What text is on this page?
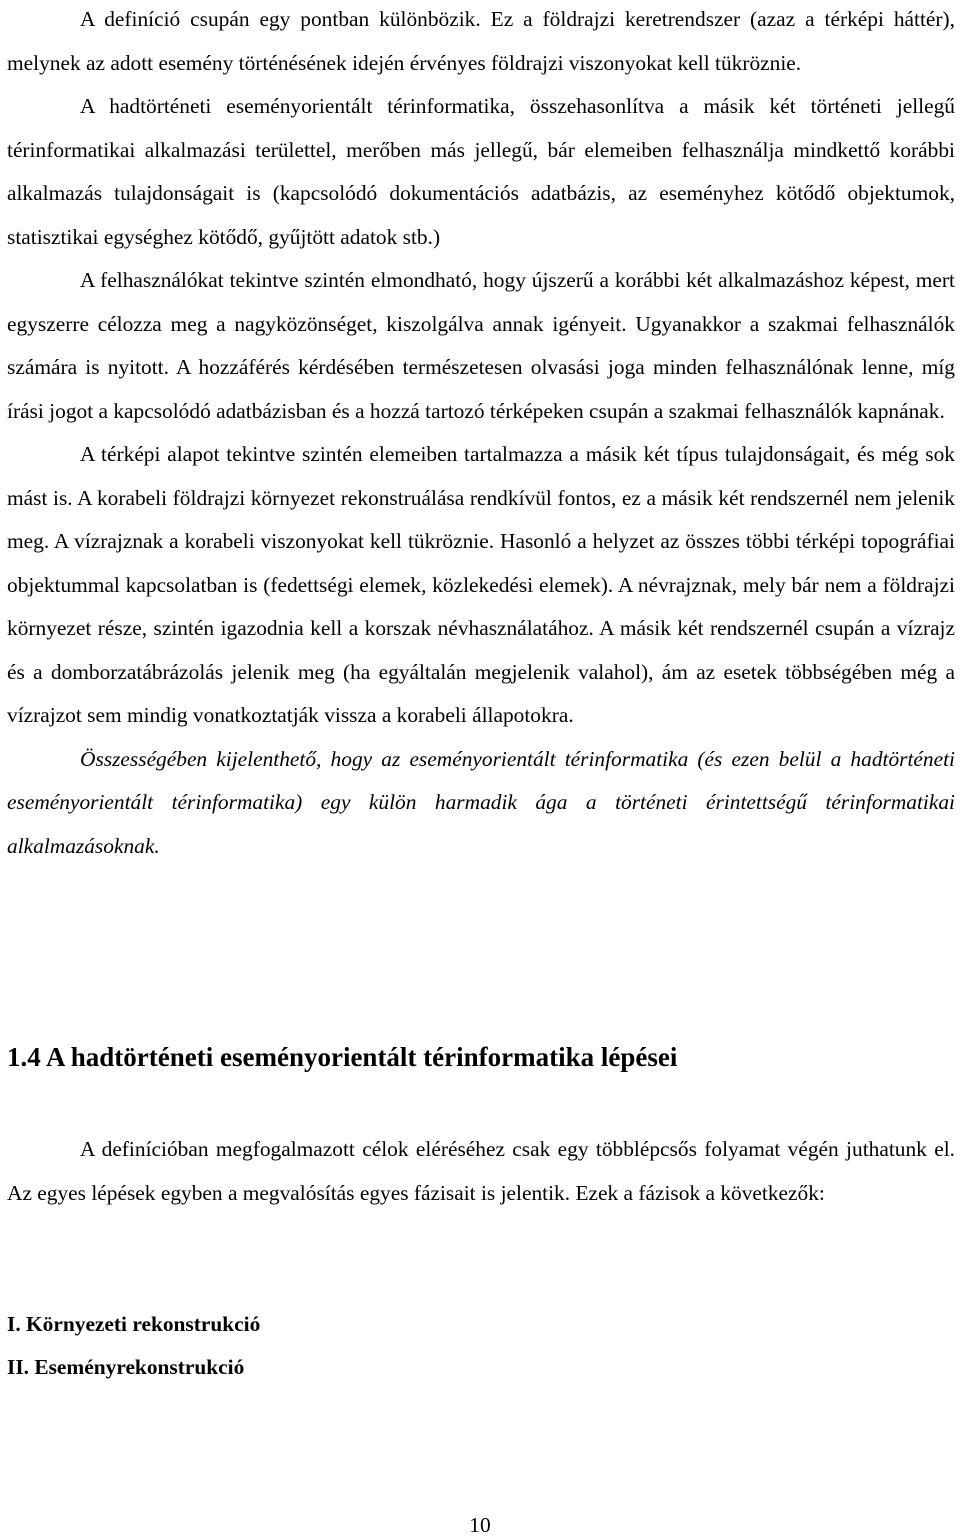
A definíció csupán egy pontban különbözik. Ez a földrajzi keretrendszer (azaz a térképi háttér), melynek az adott esemény történésének idején érvényes földrajzi viszonyokat kell tükröznie.

A hadtörténeti eseményorientált térinformatika, összehasonlítva a másik két történeti jellegű térinformatikai alkalmazási területtel, merőben más jellegű, bár elemeiben felhasználja mindkettő korábbi alkalmazás tulajdonságait is (kapcsolódó dokumentációs adatbázis, az eseményhez kötődő objektumok, statisztikai egységhez kötődő, gyűjtött adatok stb.)

A felhasználókat tekintve szintén elmondható, hogy újszerű a korábbi két alkalmazáshoz képest, mert egyszerre célozza meg a nagyközönséget, kiszolgálva annak igényeit. Ugyanakkor a szakmai felhasználók számára is nyitott. A hozzáférés kérdésében természetesen olvasási joga minden felhasználónak lenne, míg írási jogot a kapcsolódó adatbázisban és a hozzá tartozó térképeken csupán a szakmai felhasználók kapnának.

A térképi alapot tekintve szintén elemeiben tartalmazza a másik két típus tulajdonságait, és még sok mást is. A korabeli földrajzi környezet rekonstruálása rendkívül fontos, ez a másik két rendszernél nem jelenik meg. A vízrajznak a korabeli viszonyokat kell tükröznie. Hasonló a helyzet az összes többi térképi topográfiai objektummal kapcsolatban is (fedettségi elemek, közlekedési elemek). A névrajznak, mely bár nem a földrajzi környezet része, szintén igazodnia kell a korszak névhasználatához. A másik két rendszernél csupán a vízrajz és a domborzatábrázolás jelenik meg (ha egyáltalán megjelenik valahol), ám az esetek többségében még a vízrajzot sem mindig vonatkoztatják vissza a korabeli állapotokra.

Összességében kijelenthető, hogy az eseményorientált térinformatika (és ezen belül a hadtörténeti eseményorientált térinformatika) egy külön harmadik ága a történeti érintettségű térinformatikai alkalmazásoknak.

1.4 A hadtörténeti eseményorientált térinformatika lépései

A definícióban megfogalmazott célok eléréséhez csak egy többlépcsős folyamat végén juthatunk el. Az egyes lépések egyben a megvalósítás egyes fázisait is jelentik. Ezek a fázisok a következők:

I. Környezeti rekonstrukció

II. Eseményrekonstrukció

10
